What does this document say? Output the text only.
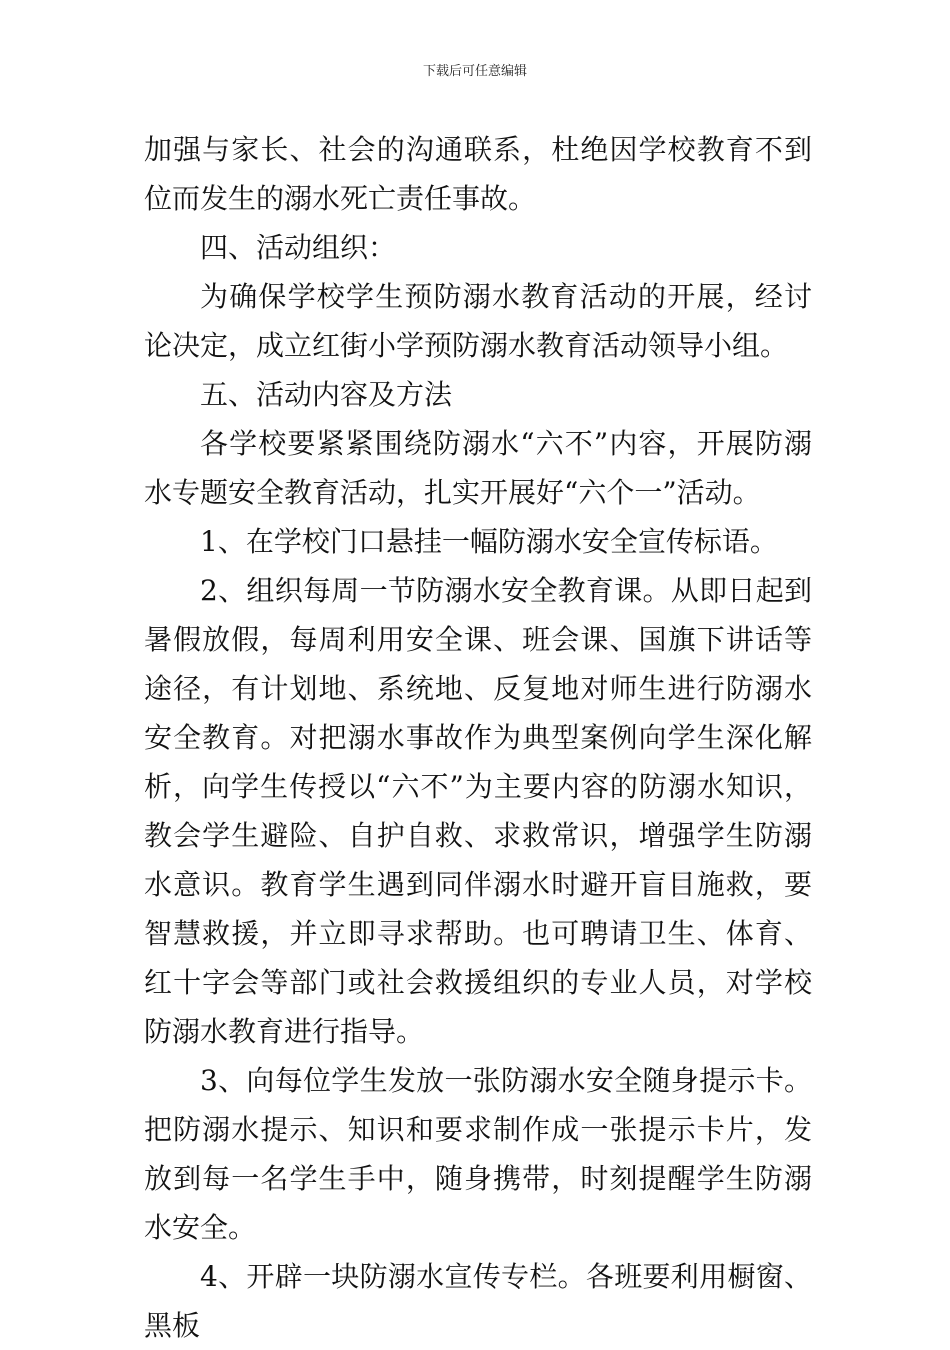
下载后可任意编辑

加强与家长、社会的沟通联系，杜绝因学校教育不到位而发生的溺水死亡责任事故。

四、活动组织：

为确保学校学生预防溺水教育活动的开展，经讨论决定，成立红街小学预防溺水教育活动领导小组。

五、活动内容及方法

各学校要紧紧围绕防溺水“六不”内容，开展防溺水专题安全教育活动，扎实开展好“六个一”活动。

1、在学校门口悬挂一幅防溺水安全宣传标语。

2、组织每周一节防溺水安全教育课。从即日起到暑假放假，每周利用安全课、班会课、国旗下讲话等途径，有计划地、系统地、反复地对师生进行防溺水安全教育。对把溺水事故作为典型案例向学生深化解析，向学生传授以“六不”为主要内容的防溺水知识，教会学生避险、自护自救、求救常识，增强学生防溺水意识。教育学生遇到同伴溺水时避开盲目施救，要智慧救援，并立即寻求帮助。也可聘请卫生、体育、红十字会等部门或社会救援组织的专业人员，对学校防溺水教育进行指导。

3、向每位学生发放一张防溺水安全随身提示卡。把防溺水提示、知识和要求制作成一张提示卡片，发放到每一名学生手中，随身携带，时刻提醒学生防溺水安全。

4、开辟一块防溺水宣传专栏。各班要利用橱窗、黑板
